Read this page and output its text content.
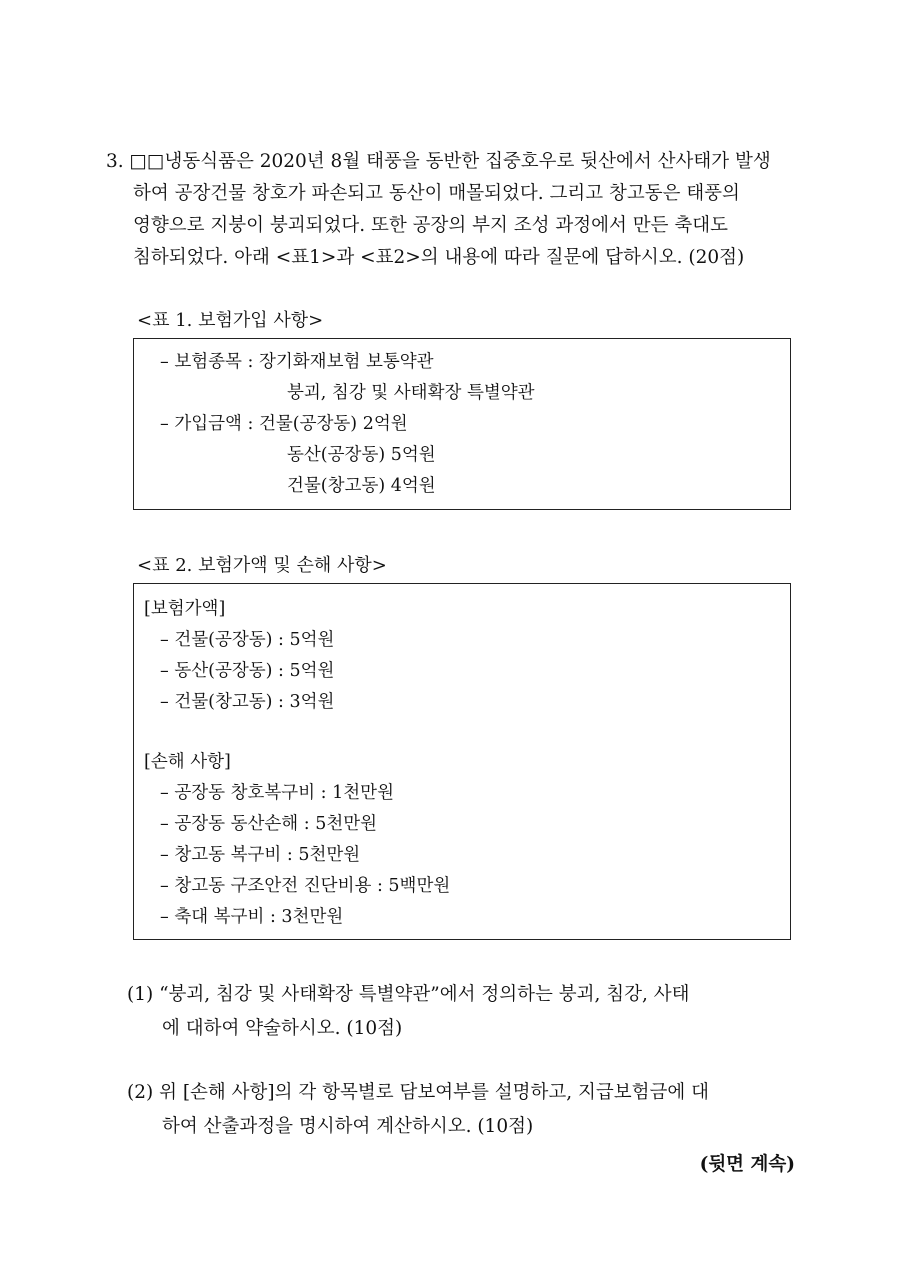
3. □□냉동식품은 2020년 8월 태풍을 동반한 집중호우로 뒷산에서 산사태가 발생
하여 공장건물 창호가 파손되고 동산이 매몰되었다. 그리고 창고동은 태풍의
영향으로 지붕이 붕괴되었다. 또한 공장의 부지 조성 과정에서 만든 축대도
침하되었다. 아래 <표1>과 <표2>의 내용에 따라 질문에 답하시오. (20점)
<표 1. 보험가입 사항>
– 보험종목 : 장기화재보험 보통약관
붕괴, 침강 및 사태확장 특별약관
– 가입금액 : 건물(공장동) 2억원
동산(공장동) 5억원
건물(창고동) 4억원
<표 2. 보험가액 및 손해 사항>
[보험가액]
– 건물(공장동) : 5억원
– 동산(공장동) : 5억원
– 건물(창고동) : 3억원
[손해 사항]
– 공장동 창호복구비 : 1천만원
– 공장동 동산손해 : 5천만원
– 창고동 복구비 : 5천만원
– 창고동 구조안전 진단비용 : 5백만원
– 축대 복구비 : 3천만원
(1) “붕괴, 침강 및 사태확장 특별약관”에서 정의하는 붕괴, 침강, 사태
에 대하여 약술하시오. (10점)
(2) 위 [손해 사항]의 각 항목별로 담보여부를 설명하고, 지급보험금에 대
하여 산출과정을 명시하여 계산하시오. (10점)
(뒷면 계속)
